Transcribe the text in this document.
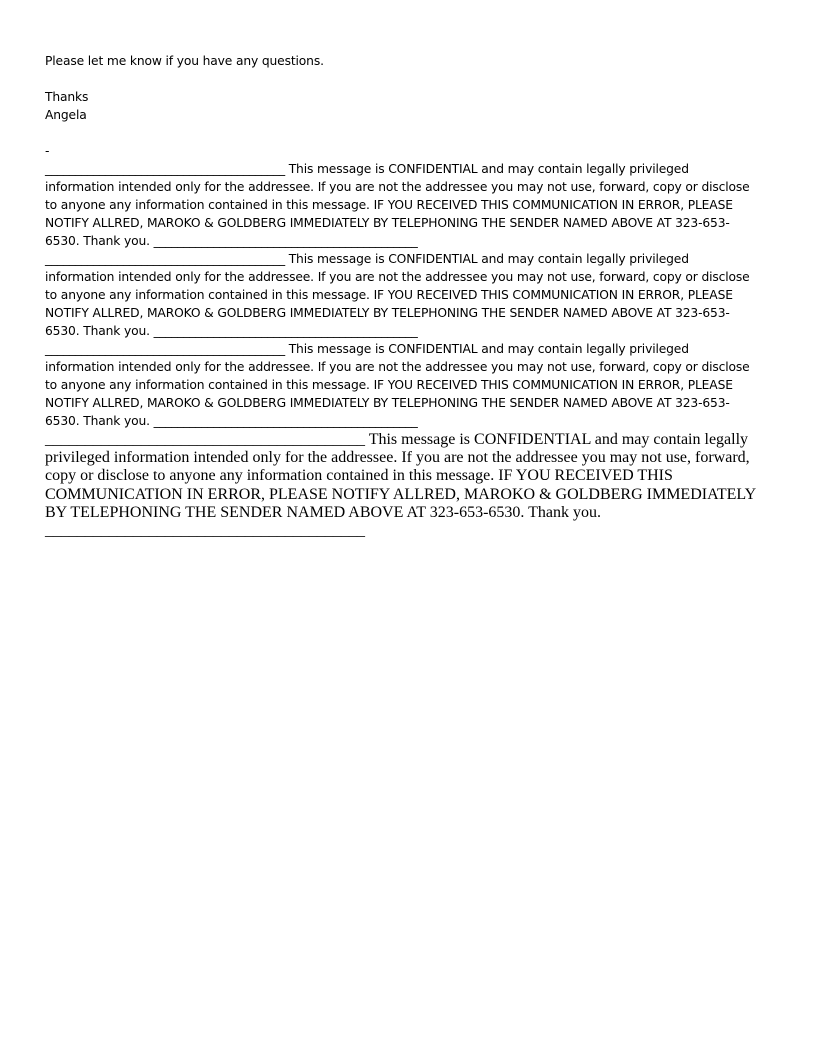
Please let me know if you have any questions.
Thanks
Angela
-
________________________________________ This message is CONFIDENTIAL and may contain legally privileged information intended only for the addressee. If you are not the addressee you may not use, forward, copy or disclose to anyone any information contained in this message. IF YOU RECEIVED THIS COMMUNICATION IN ERROR, PLEASE NOTIFY ALLRED, MAROKO & GOLDBERG IMMEDIATELY BY TELEPHONING THE SENDER NAMED ABOVE AT 323-653-6530. Thank you. ____________________________________________
________________________________________ This message is CONFIDENTIAL and may contain legally privileged information intended only for the addressee. If you are not the addressee you may not use, forward, copy or disclose to anyone any information contained in this message. IF YOU RECEIVED THIS COMMUNICATION IN ERROR, PLEASE NOTIFY ALLRED, MAROKO & GOLDBERG IMMEDIATELY BY TELEPHONING THE SENDER NAMED ABOVE AT 323-653-6530. Thank you. ____________________________________________
________________________________________ This message is CONFIDENTIAL and may contain legally privileged information intended only for the addressee. If you are not the addressee you may not use, forward, copy or disclose to anyone any information contained in this message. IF YOU RECEIVED THIS COMMUNICATION IN ERROR, PLEASE NOTIFY ALLRED, MAROKO & GOLDBERG IMMEDIATELY BY TELEPHONING THE SENDER NAMED ABOVE AT 323-653-6530. Thank you. ____________________________________________
________________________________________ This message is CONFIDENTIAL and may contain legally privileged information intended only for the addressee. If you are not the addressee you may not use, forward, copy or disclose to anyone any information contained in this message. IF YOU RECEIVED THIS COMMUNICATION IN ERROR, PLEASE NOTIFY ALLRED, MAROKO & GOLDBERG IMMEDIATELY BY TELEPHONING THE SENDER NAMED ABOVE AT 323-653-6530. Thank you.
________________________________________
